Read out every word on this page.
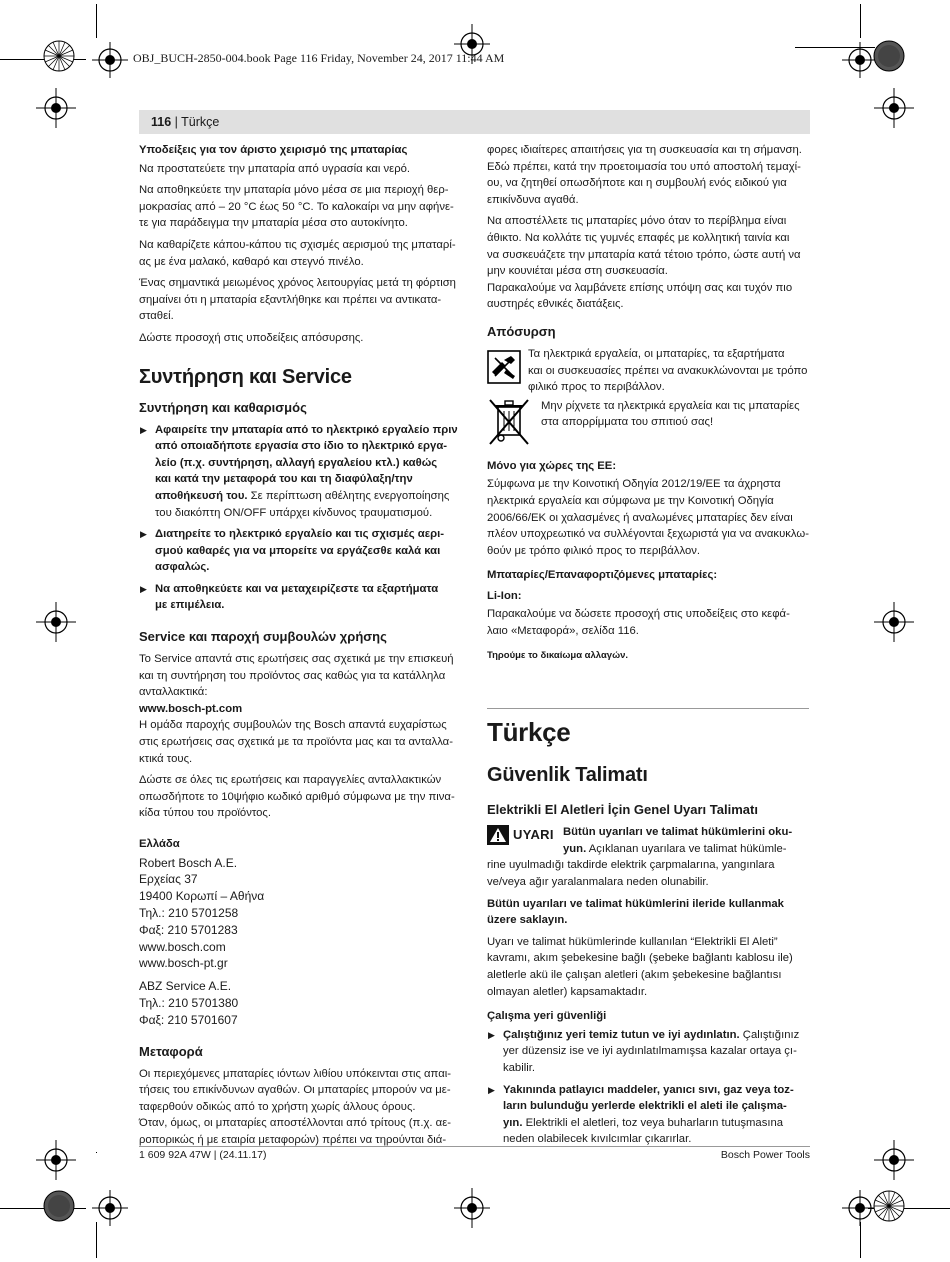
OBJ_BUCH-2850-004.book Page 116 Friday, November 24, 2017 11:44 AM
116 | Türkçe
Υποδείξεις για τον άριστο χειρισμό της μπαταρίας
Να προστατεύετε την μπαταρία από υγρασία και νερό.
Να αποθηκεύετε την μπαταρία μόνο μέσα σε μια περιοχή θερ-
μοκρασίας από – 20 °C έως 50 °C. Το καλοκαίρι να μην αφήνε-
τε για παράδειγμα την μπαταρία μέσα στο αυτοκίνητο.
Να καθαρίζετε κάπου-κάπου τις σχισμές αερισμού της μπαταρί-
ας με ένα μαλακό, καθαρό και στεγνό πινέλο.
Ένας σημαντικά μειωμένος χρόνος λειτουργίας μετά τη φόρτιση
σημαίνει ότι η μπαταρία εξαντλήθηκε και πρέπει να αντικατα-
σταθεί.
Δώστε προσοχή στις υποδείξεις απόσυρσης.
Συντήρηση και Service
Συντήρηση και καθαρισμός
▶ Αφαιρείτε την μπαταρία από το ηλεκτρικό εργαλείο πριν
από οποιαδήποτε εργασία στο ίδιο το ηλεκτρικό εργα-
λείο (π.χ. συντήρηση, αλλαγή εργαλείου κτλ.) καθώς
και κατά την μεταφορά του και τη διαφύλαξη/την
αποθήκευσή του. Σε περίπτωση αθέλητης ενεργοποίησης
του διακόπτη ON/OFF υπάρχει κίνδυνος τραυματισμού.
▶ Διατηρείτε το ηλεκτρικό εργαλείο και τις σχισμές αερι-
σμού καθαρές για να μπορείτε να εργάζεσθε καλά και
ασφαλώς.
▶ Να αποθηκεύετε και να μεταχειρίζεστε τα εξαρτήματα
με επιμέλεια.
Service και παροχή συμβουλών χρήσης
Το Service απαντά στις ερωτήσεις σας σχετικά με την επισκευή
και τη συντήρηση του προϊόντος σας καθώς για τα κατάλληλα
ανταλλακτικά:
www.bosch-pt.com
Η ομάδα παροχής συμβουλών της Bosch απαντά ευχαρίστως
στις ερωτήσεις σας σχετικά με τα προϊόντα μας και τα ανταλλα-
κτικά τους.
Δώστε σε όλες τις ερωτήσεις και παραγγελίες ανταλλακτικών
οπωσδήποτε το 10ψήφιο κωδικό αριθμό σύμφωνα με την πινα-
κίδα τύπου του προϊόντος.
Ελλάδα
Robert Bosch A.E.
Ερχείας 37
19400 Κορωπί – Αθήνα
Τηλ.: 210 5701258
Φαξ: 210 5701283
www.bosch.com
www.bosch-pt.gr
ABZ Service A.E.
Τηλ.: 210 5701380
Φαξ: 210 5701607
Μεταφορά
Οι περιεχόμενες μπαταρίες ιόντων λιθίου υπόκεινται στις απαι-
τήσεις του επικίνδυνων αγαθών. Οι μπαταρίες μπορούν να με-
ταφερθούν οδικώς από το χρήστη χωρίς άλλους όρους.
Όταν, όμως, οι μπαταρίες αποστέλλονται από τρίτους (π.χ. αε-
ροπορικώς ή με εταιρία μεταφορών) πρέπει να τηρούνται διά-
φορες ιδιαίτερες απαιτήσεις για τη συσκευασία και τη σήμανση.
Εδώ πρέπει, κατά την προετοιμασία του υπό αποστολή τεμαχί-
ου, να ζητηθεί οπωσδήποτε και η συμβουλή ενός ειδικού για
επικίνδυνα αγαθά.
Να αποστέλλετε τις μπαταρίες μόνο όταν το περίβλημα είναι
άθικτο. Να κολλάτε τις γυμνές επαφές με κολλητική ταινία και
να συσκευάζετε την μπαταρία κατά τέτοιο τρόπο, ώστε αυτή να
μην κουνιέται μέσα στη συσκευασία.
Παρακαλούμε να λαμβάνετε επίσης υπόψη σας και τυχόν πιο
αυστηρές εθνικές διατάξεις.
Απόσυρση
Τα ηλεκτρικά εργαλεία, οι μπαταρίες, τα εξαρτήματα
και οι συσκευασίες πρέπει να ανακυκλώνονται με τρόπο
φιλικό προς το περιβάλλον.
Μην ρίχνετε τα ηλεκτρικά εργαλεία και τις μπαταρίες
στα απορρίμματα του σπιτιού σας!
Μόνο για χώρες της ΕΕ:
Σύμφωνα με την Κοινοτική Οδηγία 2012/19/ΕΕ τα άχρηστα
ηλεκτρικά εργαλεία και σύμφωνα με την Κοινοτική Οδηγία
2006/66/ΕΚ οι χαλασμένες ή αναλωμένες μπαταρίες δεν είναι
πλέον υποχρεωτικό να συλλέγονται ξεχωριστά για να ανακυκλω-
θούν με τρόπο φιλικό προς το περιβάλλον.
Μπαταρίες/Επαναφορτιζόμενες μπαταρίες:
Li-Ion:
Παρακαλούμε να δώσετε προσοχή στις υποδείξεις στο κεφά-
λαιο «Μεταφορά», σελίδα 116.
Τηρούμε το δικαίωμα αλλαγών.
Türkçe
Güvenlik Talimatı
Elektrikli El Aletleri İçin Genel Uyarı Talimatı
UYARI Bütün uyarıları ve talimat hükümlerini oku-
yun. Açıklanan uyarılara ve talimat hükümle-
rine uyulmadığı takdirde elektrik çarpmalarına, yangınlara
ve/veya ağır yaralanmalara neden olunabilir.
Bütün uyarıları ve talimat hükümlerini ileride kullanmak
üzere saklayın.
Uyarı ve talimat hükümlerinde kullanılan “Elektrikli El Aleti”
kavramı, akım şebekesine bağlı (şebeke bağlantı kablosu ile)
aletlerle akü ile çalışan aletleri (akım şebekesine bağlantısı
olmayan aletler) kapsamaktadır.
Çalışma yeri güvenliği
▶ Çalıştığınız yeri temiz tutun ve iyi aydınlatın. Çalıştığınız
yer düzensiz ise ve iyi aydınlatılmamışsa kazalar ortaya çı-
kabilir.
▶ Yakınında patlayıcı maddeler, yanıcı sıvı, gaz veya toz-
ların bulunduğu yerlerde elektrikli el aleti ile çalışma-
yın. Elektrikli el aletleri, toz veya buharların tutuşmasına
neden olabilecek kıvılcımlar çıkarırlar.
1 609 92A 47W | (24.11.17)	Bosch Power Tools
